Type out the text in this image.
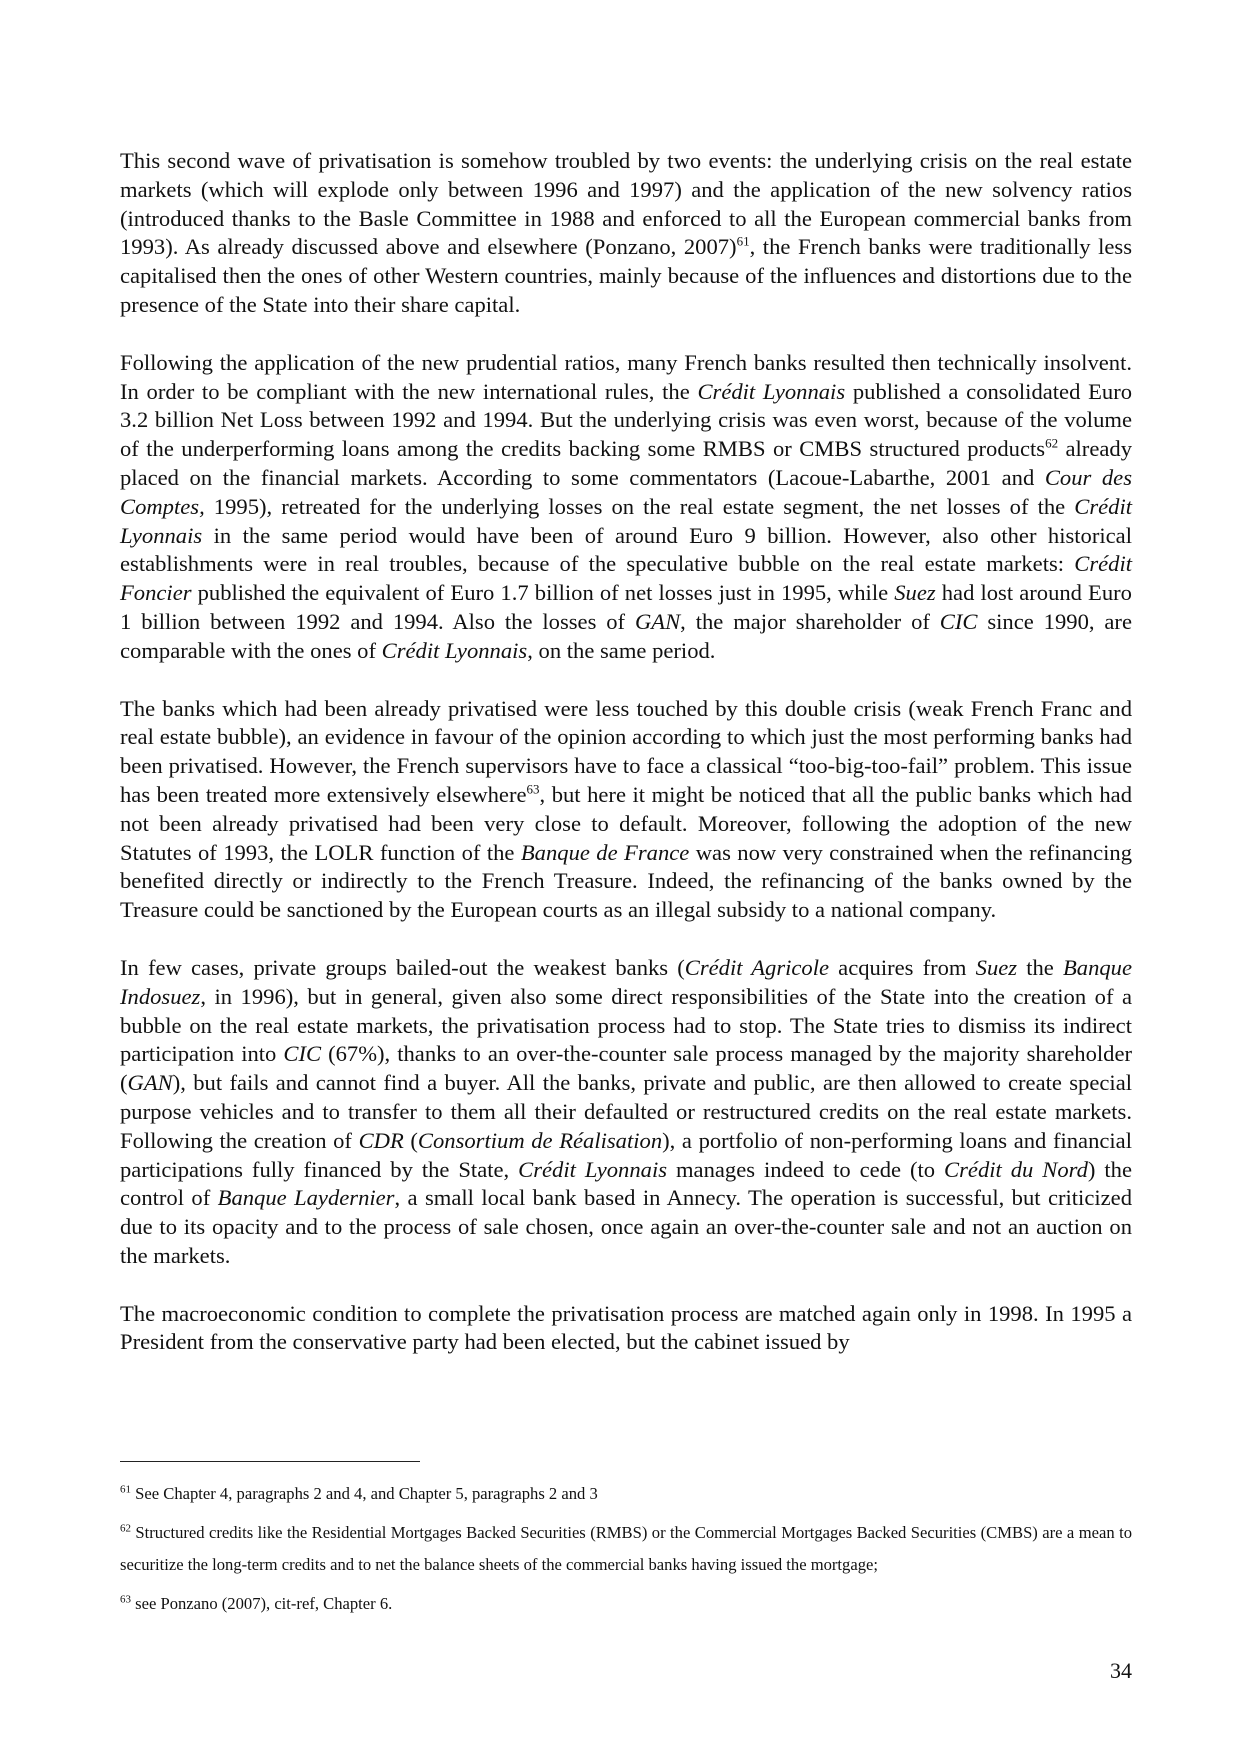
This second wave of privatisation is somehow troubled by two events: the underlying crisis on the real estate markets (which will explode only between 1996 and 1997) and the application of the new solvency ratios (introduced thanks to the Basle Committee in 1988 and enforced to all the European commercial banks from 1993). As already discussed above and elsewhere (Ponzano, 2007)$^{61}$, the French banks were traditionally less capitalised then the ones of other Western countries, mainly because of the influences and distortions due to the presence of the State into their share capital.

Following the application of the new prudential ratios, many French banks resulted then technically insolvent. In order to be compliant with the new international rules, the Crédit Lyonnais published a consolidated Euro 3.2 billion Net Loss between 1992 and 1994. But the underlying crisis was even worst, because of the volume of the underperforming loans among the credits backing some RMBS or CMBS structured products$^{62}$ already placed on the financial markets. According to some commentators (Lacoue-Labarthe, 2001 and Cour des Comptes, 1995), retreated for the underlying losses on the real estate segment, the net losses of the Crédit Lyonnais in the same period would have been of around Euro 9 billion. However, also other historical establishments were in real troubles, because of the speculative bubble on the real estate markets: Crédit Foncier published the equivalent of Euro 1.7 billion of net losses just in 1995, while Suez had lost around Euro 1 billion between 1992 and 1994. Also the losses of GAN, the major shareholder of CIC since 1990, are comparable with the ones of Crédit Lyonnais, on the same period.

The banks which had been already privatised were less touched by this double crisis (weak French Franc and real estate bubble), an evidence in favour of the opinion according to which just the most performing banks had been privatised. However, the French supervisors have to face a classical “too-big-too-fail” problem. This issue has been treated more extensively elsewhere$^{63}$, but here it might be noticed that all the public banks which had not been already privatised had been very close to default. Moreover, following the adoption of the new Statutes of 1993, the LOLR function of the Banque de France was now very constrained when the refinancing benefited directly or indirectly to the French Treasure. Indeed, the refinancing of the banks owned by the Treasure could be sanctioned by the European courts as an illegal subsidy to a national company.

In few cases, private groups bailed-out the weakest banks (Crédit Agricole acquires from Suez the Banque Indosuez, in 1996), but in general, given also some direct responsibilities of the State into the creation of a bubble on the real estate markets, the privatisation process had to stop. The State tries to dismiss its indirect participation into CIC (67%), thanks to an over-the-counter sale process managed by the majority shareholder (GAN), but fails and cannot find a buyer. All the banks, private and public, are then allowed to create special purpose vehicles and to transfer to them all their defaulted or restructured credits on the real estate markets. Following the creation of CDR (Consortium de Réalisation), a portfolio of non-performing loans and financial participations fully financed by the State, Crédit Lyonnais manages indeed to cede (to Crédit du Nord) the control of Banque Laydernier, a small local bank based in Annecy. The operation is successful, but criticized due to its opacity and to the process of sale chosen, once again an over-the-counter sale and not an auction on the markets.

The macroeconomic condition to complete the privatisation process are matched again only in 1998. In 1995 a President from the conservative party had been elected, but the cabinet issued by

$^{61}$ See Chapter 4, paragraphs 2 and 4, and Chapter 5, paragraphs 2 and 3

$^{62}$ Structured credits like the Residential Mortgages Backed Securities (RMBS) or the Commercial Mortgages Backed Securities (CMBS) are a mean to securitize the long-term credits and to net the balance sheets of the commercial banks having issued the mortgage;

$^{63}$ see Ponzano (2007), cit-ref, Chapter 6.

34
